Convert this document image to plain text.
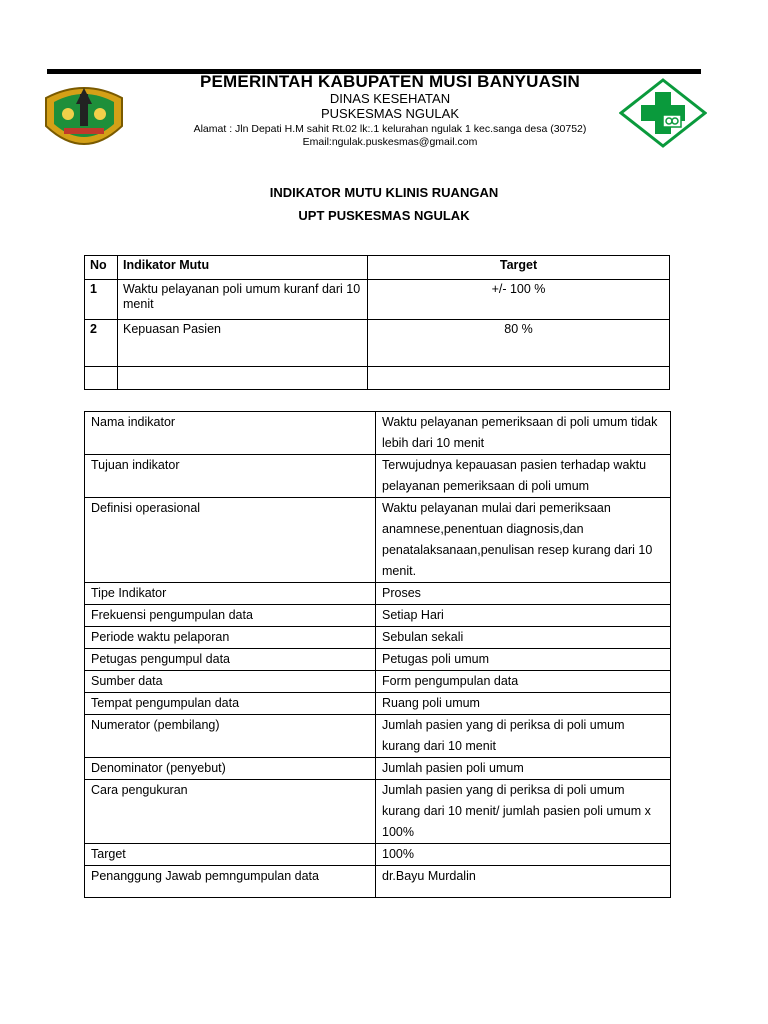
PEMERINTAH KABUPATEN MUSI BANYUASIN
DINAS KESEHATAN
PUSKESMAS NGULAK
Alamat : Jln Depati H.M sahit Rt.02 lk:.1 kelurahan ngulak 1 kec.sanga desa (30752)
Email:ngulak.puskesmas@gmail.com
INDIKATOR MUTU KLINIS RUANGAN
UPT PUSKESMAS NGULAK
No	Indikator Mutu	Target
1	Waktu pelayanan poli umum kuranf dari 10 menit	+/- 100 %
2	Kepuasan Pasien	80 %

Nama indikator	Waktu pelayanan pemeriksaan di poli umum tidak lebih dari 10 menit
Tujuan indikator	Terwujudnya kepauasan pasien terhadap waktu pelayanan pemeriksaan di poli umum
Definisi operasional	Waktu pelayanan mulai dari pemeriksaan anamnese,penentuan diagnosis,dan penatalaksanaan,penulisan resep kurang dari 10 menit.
Tipe Indikator	Proses
Frekuensi pengumpulan data	Setiap Hari
Periode waktu pelaporan	Sebulan sekali
Petugas pengumpul data	Petugas poli umum
Sumber data	Form pengumpulan data
Tempat pengumpulan data	Ruang poli umum
Numerator (pembilang)	Jumlah pasien yang di periksa di poli umum kurang dari 10 menit
Denominator (penyebut)	Jumlah pasien poli umum
Cara pengukuran	Jumlah pasien yang di periksa di poli umum kurang dari 10 menit/ jumlah pasien poli umum x 100%
Target	100%
Penanggung Jawab pemngumpulan data	dr.Bayu Murdalin
